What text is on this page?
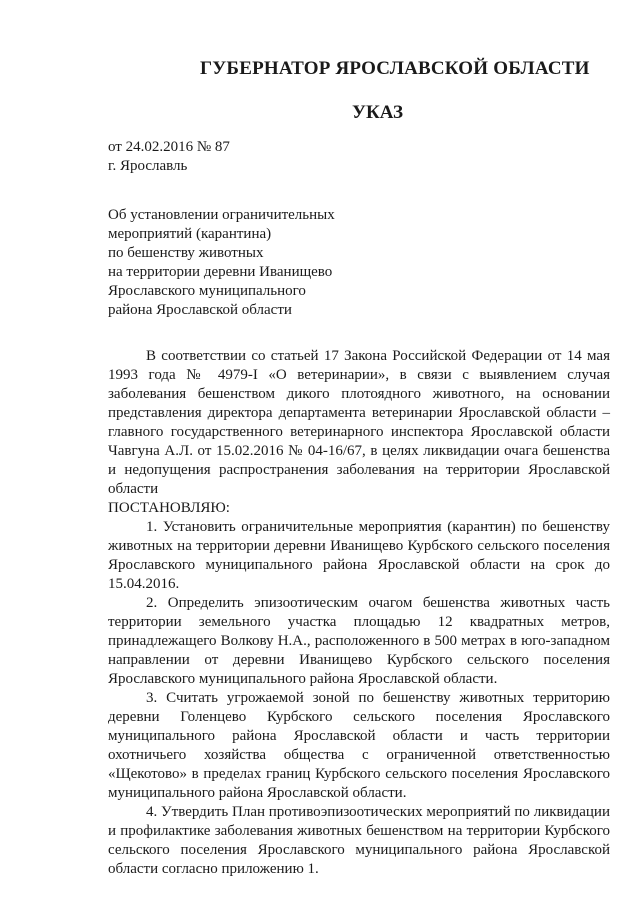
ГУБЕРНАТОР ЯРОСЛАВСКОЙ ОБЛАСТИ
УКАЗ
от 24.02.2016 № 87
г. Ярославль
Об установлении ограничительных
мероприятий (карантина)
по бешенству животных
на территории деревни Иванищево
Ярославского муниципального
района Ярославской области

В соответствии со статьей 17 Закона Российской Федерации от 14 мая 1993 года № 4979-I «О ветеринарии», в связи с выявлением случая заболевания бешенством дикого плотоядного животного, на основании представления директора департамента ветеринарии Ярославской области – главного государственного ветеринарного инспектора Ярославской области Чавгуна А.Л. от 15.02.2016 № 04-16/67, в целях ликвидации очага бешенства и недопущения распространения заболевания на территории Ярославской области

ПОСТАНОВЛЯЮ:

1. Установить ограничительные мероприятия (карантин) по бешенству животных на территории деревни Иванищево Курбского сельского поселения Ярославского муниципального района Ярославской области на срок до 15.04.2016.

2. Определить эпизоотическим очагом бешенства животных часть территории земельного участка площадью 12 квадратных метров, принадлежащего Волкову Н.А., расположенного в 500 метрах в юго-западном направлении от деревни Иванищево Курбского сельского поселения Ярославского муниципального района Ярославской области.

3. Считать угрожаемой зоной по бешенству животных территорию деревни Голенцево Курбского сельского поселения Ярославского муниципального района Ярославской области и часть территории охотничьего хозяйства общества с ограниченной ответственностью «Щекотово» в пределах границ Курбского сельского поселения Ярославского муниципального района Ярославской области.

4. Утвердить План противоэпизоотических мероприятий по ликвидации и профилактике заболевания животных бешенством на территории Курбского сельского поселения Ярославского муниципального района Ярославской области согласно приложению 1.
